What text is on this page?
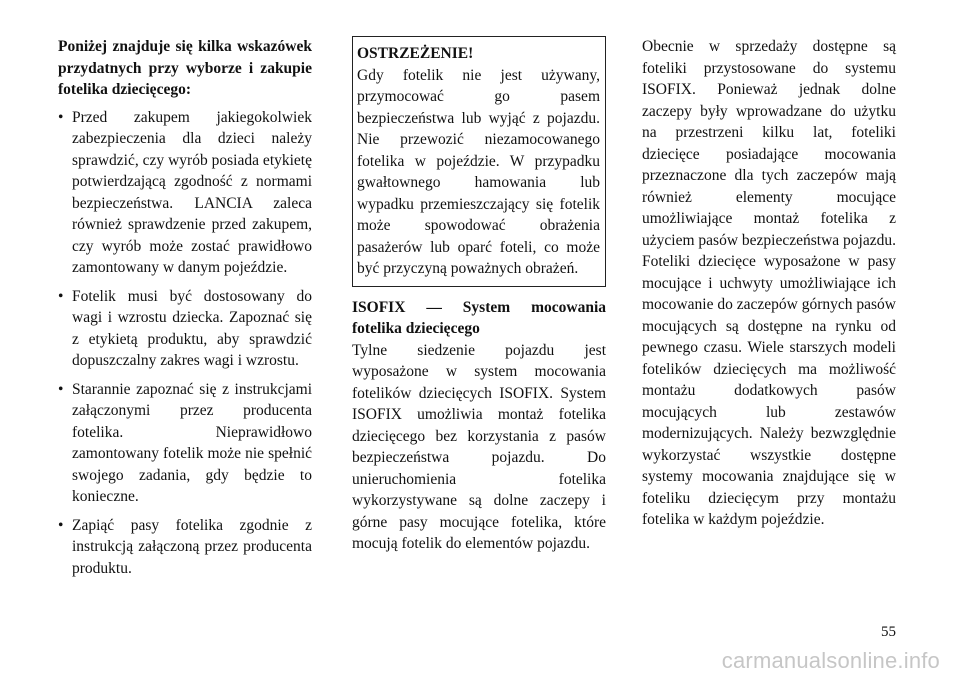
Poniżej znajduje się kilka wskazówek przydatnych przy wyborze i zakupie fotelika dziecięcego:

• Przed zakupem jakiegokolwiek zabezpieczenia dla dzieci należy sprawdzić, czy wyrób posiada etykietę potwierdzającą zgodność z normami bezpieczeństwa. LANCIA zaleca również sprawdzenie przed zakupem, czy wyrób może zostać prawidłowo zamontowany w danym pojeździe.
• Fotelik musi być dostosowany do wagi i wzrostu dziecka. Zapoznać się z etykietą produktu, aby sprawdzić dopuszczalny zakres wagi i wzrostu.
• Starannie zapoznać się z instrukcjami załączonymi przez producenta fotelika. Nieprawidłowo zamontowany fotelik może nie spełnić swojego zadania, gdy będzie to konieczne.
• Zapiąć pasy fotelika zgodnie z instrukcją załączoną przez producenta produktu.
OSTRZEŻENIE!

Gdy fotelik nie jest używany, przymocować go pasem bezpieczeństwa lub wyjąć z pojazdu. Nie przewozić niezamocowanego fotelika w pojeździe. W przypadku gwałtownego hamowania lub wypadku przemieszczający się fotelik może spowodować obrażenia pasażerów lub oparć foteli, co może być przyczyną poważnych obrażeń.

ISOFIX — System mocowania fotelika dziecięcego

Tylne siedzenie pojazdu jest wyposażone w system mocowania fotelików dziecięcych ISOFIX. System ISOFIX umożliwia montaż fotelika dziecięcego bez korzystania z pasów bezpieczeństwa pojazdu. Do unieruchomienia fotelika wykorzystywane są dolne zaczepy i górne pasy mocujące fotelika, które mocują fotelik do elementów pojazdu.

Obecnie w sprzedaży dostępne są foteliki przystosowane do systemu ISOFIX. Ponieważ jednak dolne zaczepy były wprowadzane do użytku na przestrzeni kilku lat, foteliki dziecięce posiadające mocowania przeznaczone dla tych zaczepów mają również elementy mocujące umożliwiające montaż fotelika z użyciem pasów bezpieczeństwa pojazdu. Foteliki dziecięce wyposażone w pasy mocujące i uchwyty umożliwiające ich mocowanie do zaczepów górnych pasów mocujących są dostępne na rynku od pewnego czasu. Wiele starszych modeli fotelików dziecięcych ma możliwość montażu dodatkowych pasów mocujących lub zestawów modernizujących. Należy bezwzględnie wykorzystać wszystkie dostępne systemy mocowania znajdujące się w foteliku dziecięcym przy montażu fotelika w każdym pojeździe.

55
carmanualsonline.info
